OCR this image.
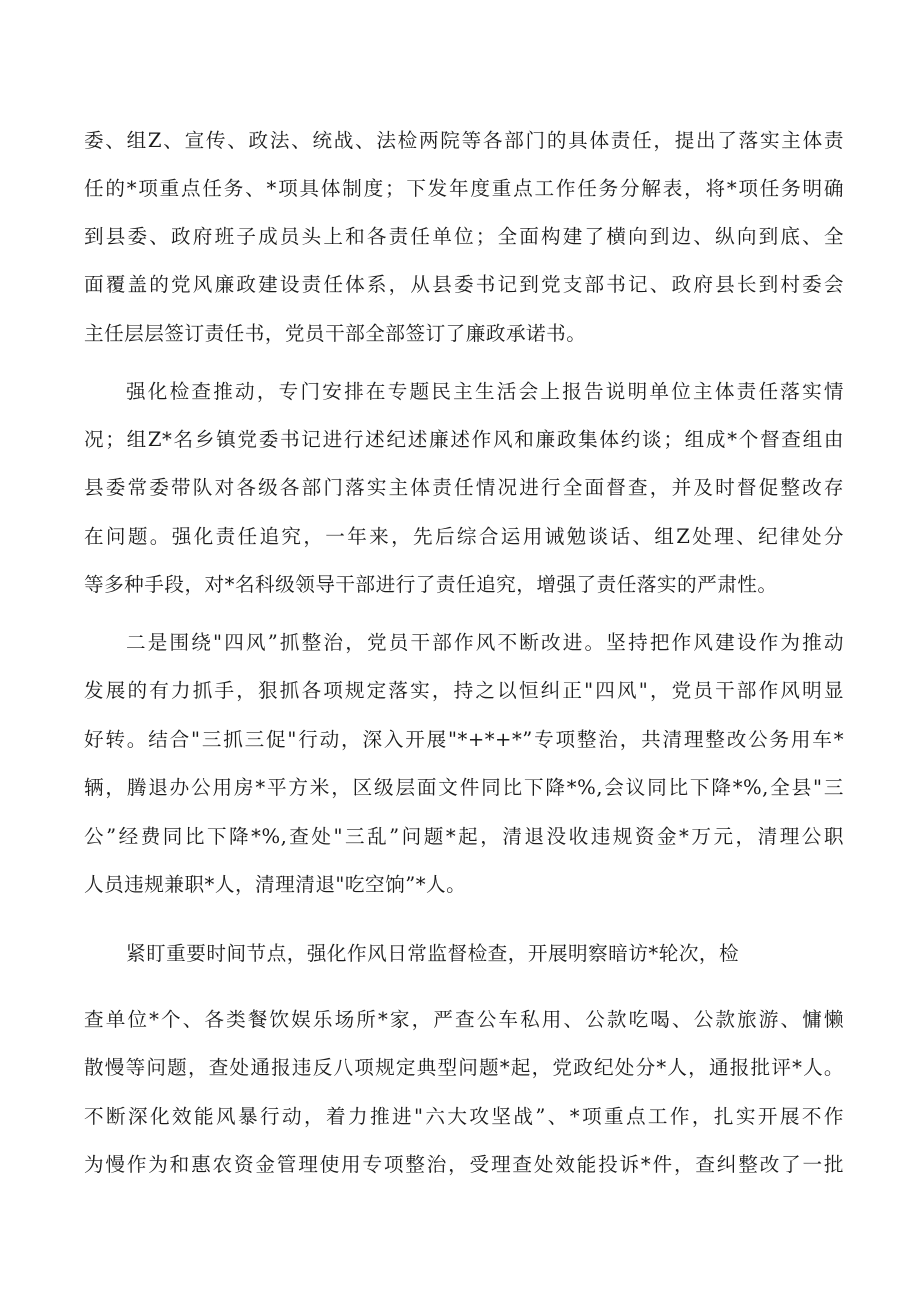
委、组Z、宣传、政法、统战、法检两院等各部门的具体责任，提出了落实主体责
任的*项重点任务、*项具体制度；下发年度重点工作任务分解表，将*项任务明确
到县委、政府班子成员头上和各责任单位；全面构建了横向到边、纵向到底、全
面覆盖的党风廉政建设责任体系，从县委书记到党支部书记、政府县长到村委会
主任层层签订责任书，党员干部全部签订了廉政承诺书。
强化检查推动，专门安排在专题民主生活会上报告说明单位主体责任落实情
况；组Z*名乡镇党委书记进行述纪述廉述作风和廉政集体约谈；组成*个督查组由
县委常委带队对各级各部门落实主体责任情况进行全面督查，并及时督促整改存
在问题。强化责任追究，一年来，先后综合运用诫勉谈话、组Z处理、纪律处分
等多种手段，对*名科级领导干部进行了责任追究，增强了责任落实的严肃性。
二是围绕"四风”抓整治，党员干部作风不断改进。坚持把作风建设作为推动
发展的有力抓手，狠抓各项规定落实，持之以恒纠正"四风"，党员干部作风明显
好转。结合"三抓三促"行动，深入开展"*+*+*”专项整治，共清理整改公务用车*
辆，腾退办公用房*平方米，区级层面文件同比下降*%,会议同比下降*%,全县"三
公”经费同比下降*%,查处"三乱”问题*起，清退没收违规资金*万元，清理公职
人员违规兼职*人，清理清退"吃空饷”*人。
紧盯重要时间节点，强化作风日常监督检查，开展明察暗访*轮次，检
查单位*个、各类餐饮娱乐场所*家，严查公车私用、公款吃喝、公款旅游、慵懒
散慢等问题，查处通报违反八项规定典型问题*起，党政纪处分*人，通报批评*人。
不断深化效能风暴行动，着力推进"六大攻坚战”、*项重点工作，扎实开展不作
为慢作为和惠农资金管理使用专项整治，受理查处效能投诉*件，查纠整改了一批
